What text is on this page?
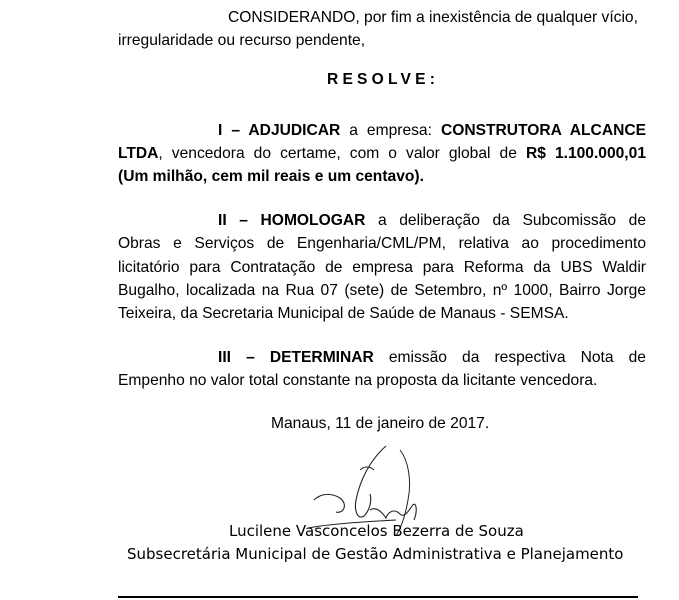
CONSIDERANDO, por fim a inexistência de qualquer vício,
irregularidade ou recurso pendente,
RESOLVE:
I – ADJUDICAR a empresa: CONSTRUTORA ALCANCE
LTDA, vencedora do certame, com o valor global de R$ 1.100.000,01
(Um milhão, cem mil reais e um centavo).
II – HOMOLOGAR a deliberação da Subcomissão de
Obras e Serviços de Engenharia/CML/PM, relativa ao procedimento
licitatório para Contratação de empresa para Reforma da UBS Waldir
Bugalho, localizada na Rua 07 (sete) de Setembro, nº 1000, Bairro Jorge
Teixeira, da Secretaria Municipal de Saúde de Manaus - SEMSA.
III – DETERMINAR emissão da respectiva Nota de
Empenho no valor total constante na proposta da licitante vencedora.
Manaus, 11 de janeiro de 2017.
Lucilene Vasconcelos Bezerra de Souza
Subsecretária Municipal de Gestão Administrativa e Planejamento
